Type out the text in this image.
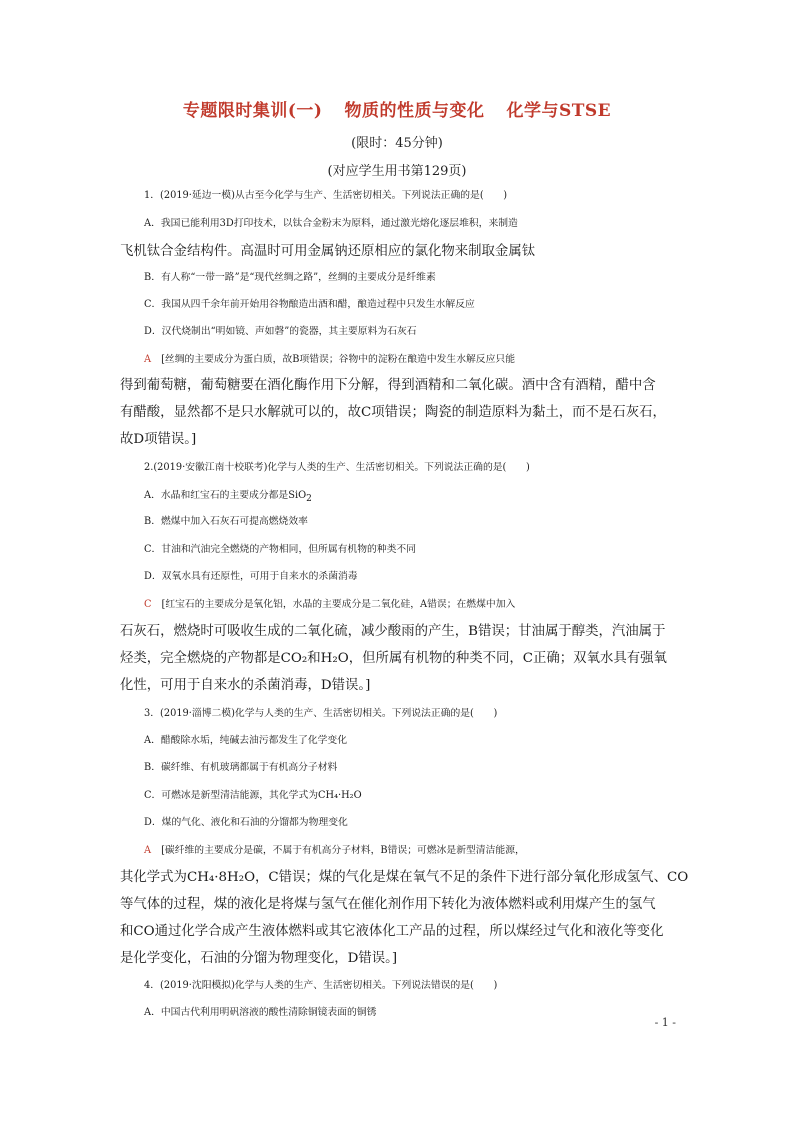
专题限时集训(一) 物质的性质与变化 化学与STSE
(限时：45分钟)
(对应学生用书第129页)
1．(2019·延边一模)从古至今化学与生产、生活密切相关。下列说法正确的是(　　)
A．我国已能利用3D打印技术，以钛合金粉末为原料，通过激光熔化逐层堆积，来制造
飞机钛合金结构件。高温时可用金属钠还原相应的氯化物来制取金属钛
B．有人称“一带一路”是“现代丝绸之路”，丝绸的主要成分是纤维素
C．我国从四千余年前开始用谷物酿造出酒和醋，酿造过程中只发生水解反应
D．汉代烧制出“明如镜、声如磬”的瓷器，其主要原料为石灰石
A [丝绸的主要成分为蛋白质，故B项错误；谷物中的淀粉在酿造中发生水解反应只能
得到葡萄糖，葡萄糖要在酒化酶作用下分解，得到酒精和二氧化碳。酒中含有酒精，醋中含
有醋酸，显然都不是只水解就可以的，故C项错误；陶瓷的制造原料为黏土，而不是石灰石，
故D项错误。]
2.(2019·安徽江南十校联考)化学与人类的生产、生活密切相关。下列说法正确的是(　　)
A．水晶和红宝石的主要成分都是SiO$_2$
B．燃煤中加入石灰石可提高燃烧效率
C．甘油和汽油完全燃烧的产物相同，但所属有机物的种类不同
D．双氧水具有还原性，可用于自来水的杀菌消毒
C [红宝石的主要成分是氧化铝，水晶的主要成分是二氧化硅，A错误；在燃煤中加入
石灰石，燃烧时可吸收生成的二氧化硫，减少酸雨的产生，B错误；甘油属于醇类，汽油属于
烃类，完全燃烧的产物都是CO₂和H₂O，但所属有机物的种类不同，C正确；双氧水具有强氧
化性，可用于自来水的杀菌消毒，D错误。]
3．(2019·淄博二模)化学与人类的生产、生活密切相关。下列说法正确的是(　　)
A．醋酸除水垢，纯碱去油污都发生了化学变化
B．碳纤维、有机玻璃都属于有机高分子材料
C．可燃冰是新型清洁能源，其化学式为CH₄·H₂O
D．煤的气化、液化和石油的分馏都为物理变化
A [碳纤维的主要成分是碳，不属于有机高分子材料，B错误；可燃冰是新型清洁能源，
其化学式为CH₄·8H₂O，C错误；煤的气化是煤在氧气不足的条件下进行部分氧化形成氢气、CO
等气体的过程，煤的液化是将煤与氢气在催化剂作用下转化为液体燃料或利用煤产生的氢气
和CO通过化学合成产生液体燃料或其它液体化工产品的过程，所以煤经过气化和液化等变化
是化学变化，石油的分馏为物理变化，D错误。]
4．(2019·沈阳模拟)化学与人类的生产、生活密切相关。下列说法错误的是(　　)
A．中国古代利用明矾溶液的酸性清除铜镜表面的铜锈
- 1 -
